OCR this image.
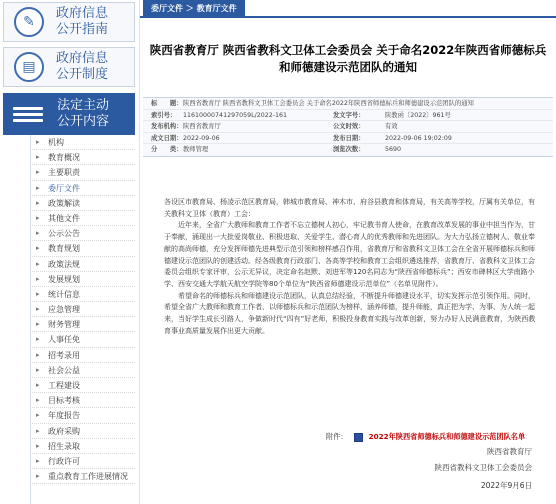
✎
政府信息
公开指南
▤
政府信息
公开制度
法定主动
公开内容
▸ 机构
▸ 教育概况
▸ 主要职责
▸ 委厅文件
▸ 政策解读
▸ 其他文件
▸ 公示公告
▸ 教育规划
▸ 政策法规
▸ 发展规划
▸ 统计信息
▸ 应急管理
▸ 财务管理
▸ 人事任免
▸ 招考录用
▸ 社会公益
▸ 工程建设
▸ 目标考核
▸ 年度报告
▸ 政府采购
▸ 招生录取
▸ 行政许可
▸ 重点教育工作进展情况
委厅文件 ＞ 教育厅文件
陕西省教育厅 陕西省教科文卫体工会委员会 关于命名2022年陕西省师德标兵
和师德建设示范团队的通知
标　　题： 陕西省教育厅 陕西省教科文卫体工会委员会 关于命名2022年陕西省师德标兵和师德建设示范团队的通知
索引号：	11610000741297059L/2022-161	发文字号：	陕教函〔2022〕961号
发布机构： 陕西省教育厅	公文时效：	有效
成文日期： 2022-09-06	发布日期：	2022-09-06 19:02:09
分　　类： 教师管理	浏览次数：	5690

各设区市教育局、杨凌示范区教育局，韩城市教育局、神木市、府谷县教育和体育局，有关高等学校，厅属有关单位，有关教科文卫体（教育）工会：

近年来，全省广大教师和教育工作者不忘立德树人初心，牢记教书育人使命，在教育改革发展的事业中担当作为，甘于奉献，涌现出一大批爱岗敬业、积极进取、关爱学生、潜心育人的优秀教师和先进团队。为大力弘扬立德树人、敬业奉献的高尚师德，充分发挥师德先进典型示范引领和榜样感召作用，省教育厅和省教科文卫体工会在全省开展师德标兵和师德建设示范团队的创建活动。经各级教育行政部门、各高等学校和教育工会组织遴选推荐，省教育厅、省教科文卫体工会委员会组织专家评审，公示无异议，决定命名赵默、刘进军等120名同志为“陕西省师德标兵”；西安市碑林区大学南路小学、西安交通大学航天航空学院等80个单位为“陕西省师德建设示范单位”（名单见附件）。

希望命名的师德标兵和师德建设示范团队，认真总结经验，不断提升师德建设水平，切实发挥示范引领作用。同时，希望全省广大教师和教育工作者，以师德标兵和示范团队为榜样，涵养师德，提升师能，真正把为学、为事、为人统一起来，当好学生成长引路人，争做新时代“四有”好老师，积极投身教育实践与改革创新，努力办好人民满意教育，为陕西教育事业高质量发展作出更大贡献。

附件：	2022年陕西省师德标兵和师德建设示范团队名单
陕西省教育厅
陕西省教科文卫体工会委员会
2022年9月6日
